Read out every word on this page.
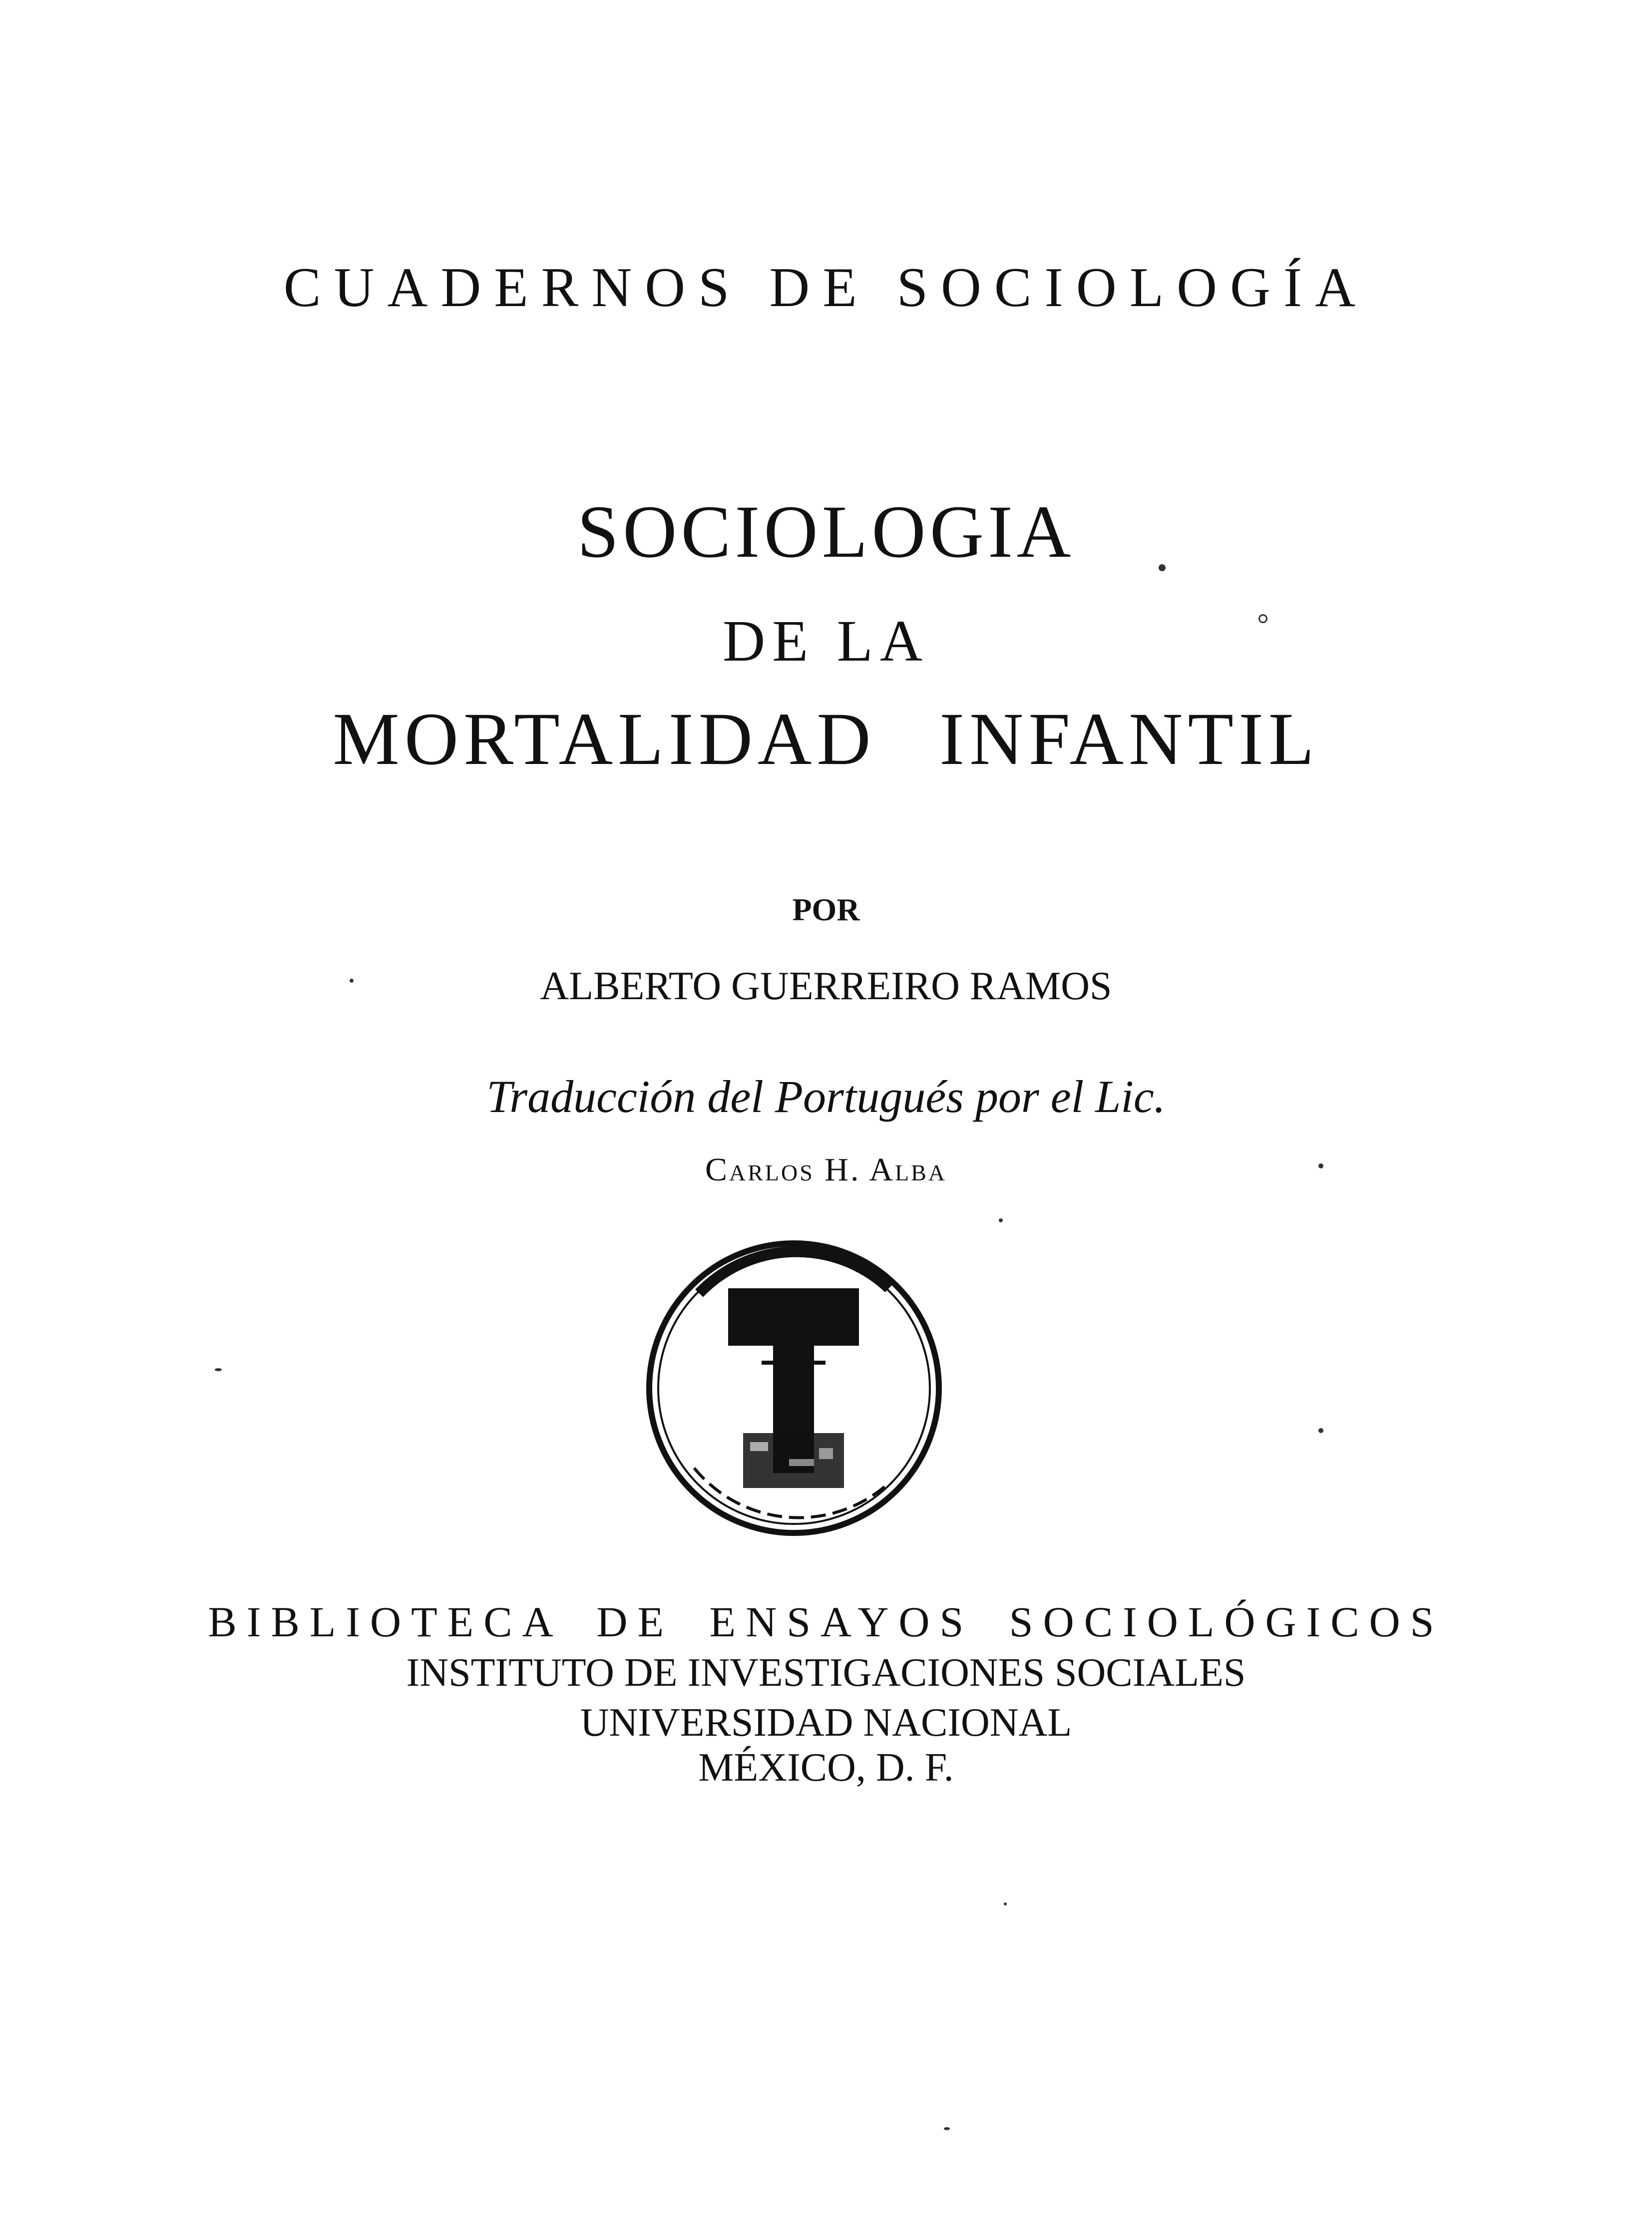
CUADERNOS DE SOCIOLOGÍA
SOCIOLOGIA
DE LA
MORTALIDAD INFANTIL
POR
ALBERTO GUERREIRO RAMOS
Traducción del Portugués por el Lic.
Carlos H. Alba
BIBLIOTECA DE ENSAYOS SOCIOLÓGICOS
INSTITUTO DE INVESTIGACIONES SOCIALES
UNIVERSIDAD NACIONAL
MÉXICO, D. F.
